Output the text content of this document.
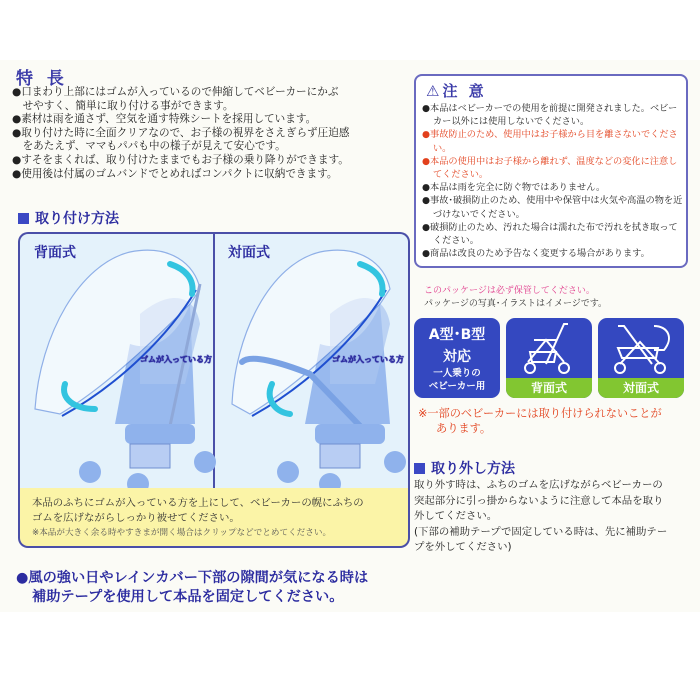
特 長
●口まわり上部にはゴムが入っているので伸縮してベビーカーにかぶ
　せやすく、簡単に取り付ける事ができます。
●素材は雨を通さず、空気を通す特殊シートを採用しています。
●取り付けた時に全面クリアなので、お子様の視界をさえぎらず圧迫感
　をあたえず、ママもパパも中の様子が見えて安心です。
●すそをまくれば、取り付けたままでもお子様の乗り降りができます。
●使用後は付属のゴムバンドでとめればコンパクトに収納できます。
取り付け方法
背面式	対面式
ゴムが入っている方	ゴムが入っている方
本品のふちにゴムが入っている方を上にして、ベビーカーの幌にふちの
ゴムを広げながらしっかり被せてください。
※本品が大きく余る時やすきまが開く場合はクリップなどでとめてください。
●風の強い日やレインカバー下部の隙間が気になる時は
補助テープを使用して本品を固定してください。
⚠注 意
●本品はベビーカーでの使用を前提に開発されました。ベビーカー以外には使用しないでください。
●事故防止のため、使用中はお子様から目を離さないでください。
●本品の使用中はお子様から離れず、温度などの変化に注意してください。
●本品は雨を完全に防ぐ物ではありません。
●事故･破損防止のため、使用中や保管中は火気や高温の物を近づけないでください。
●破損防止のため、汚れた場合は濡れた布で汚れを拭き取ってください。
●商品は改良のため予告なく変更する場合があります。
このパッケージは必ず保管してください。
パッケージの写真･イラストはイメージです。
A型･B型
対応
一人乗りの
ベビーカー用	背面式	対面式
※一部のベビーカーには取り付けられないことが
あります。
取り外し方法
取り外す時は、ふちのゴムを広げながらベビーカーの
突起部分に引っ掛からないように注意して本品を取り
外してください。
(下部の補助テープで固定している時は、先に補助テー
プを外してください)
